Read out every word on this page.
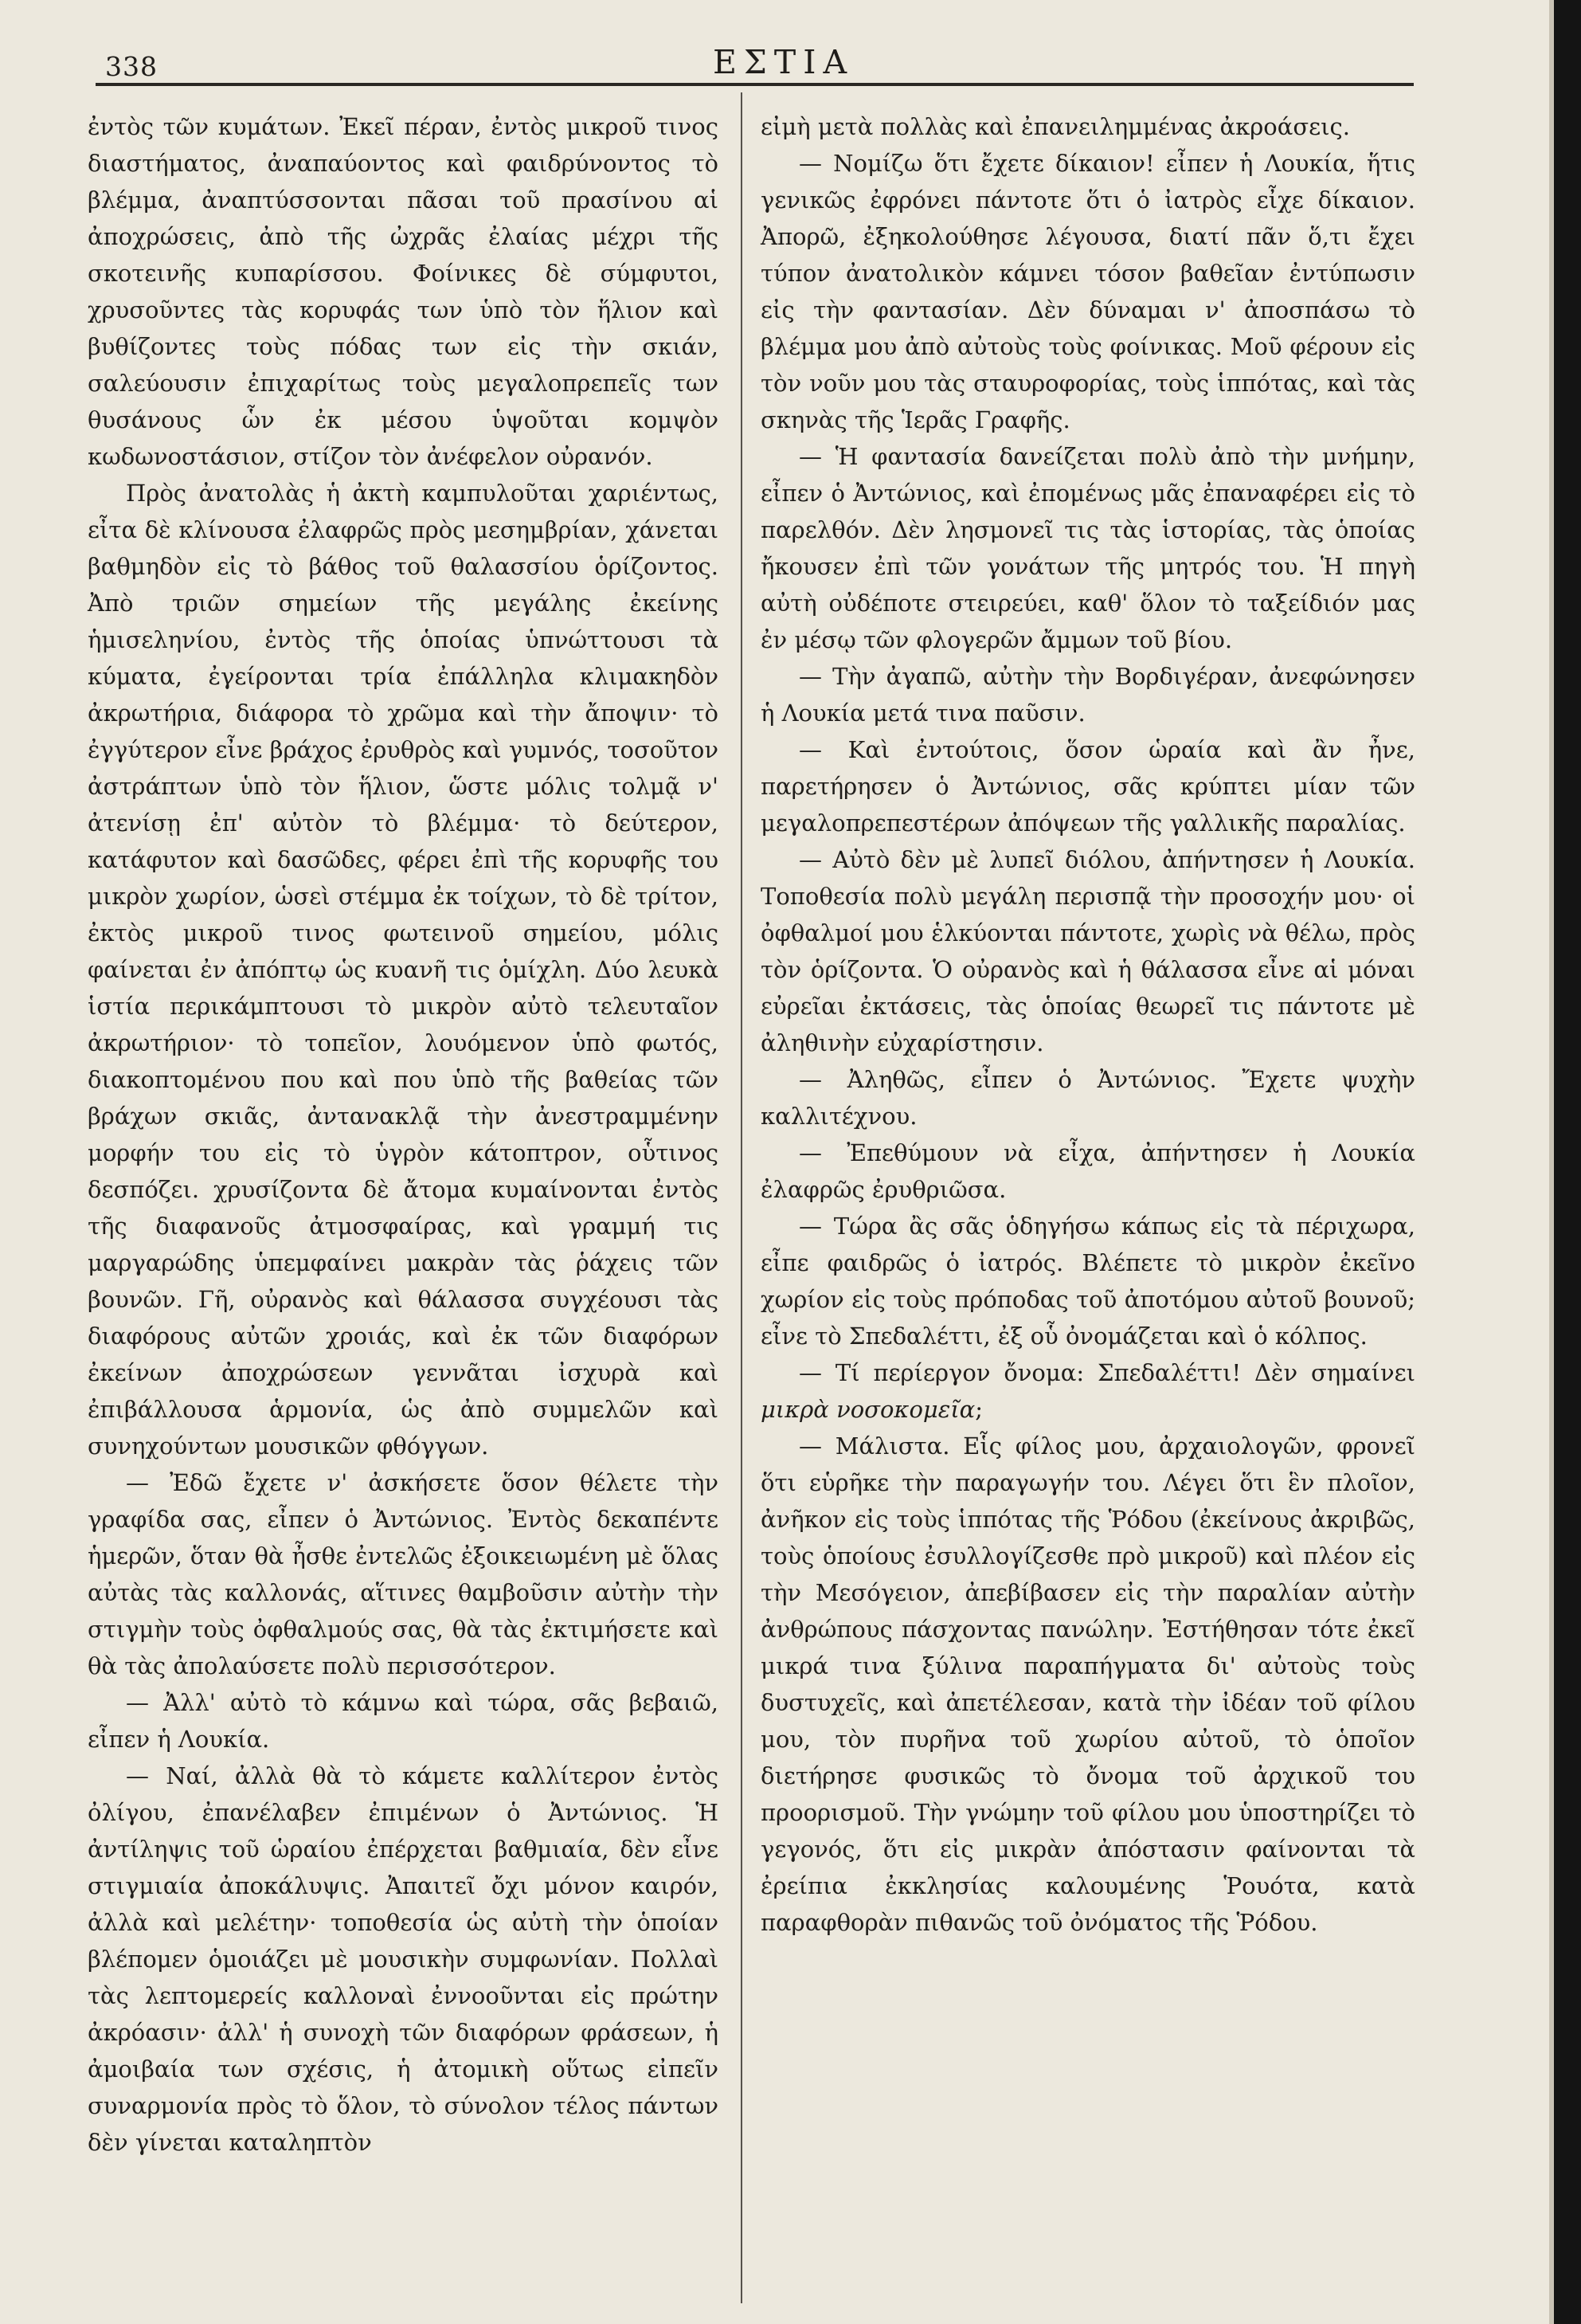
338	ΕΣΤΙΑ

ἐντὸς τῶν κυμάτων. Ἐκεῖ πέραν, ἐντὸς μικροῦ τινος διαστήματος, ἀναπαύοντος καὶ φαιδρύνοντος τὸ βλέμμα, ἀναπτύσσονται πᾶσαι τοῦ πρασίνου αἱ ἀποχρώσεις, ἀπὸ τῆς ὠχρᾶς ἐλαίας μέχρι τῆς σκοτεινῆς κυπαρίσσου. Φοίνικες δὲ σύμφυτοι, χρυσοῦντες τὰς κορυφάς των ὑπὸ τὸν ἥλιον καὶ βυθίζοντες τοὺς πόδας των εἰς τὴν σκιάν, σαλεύουσιν ἐπιχαρίτως τοὺς μεγαλοπρεπεῖς των θυσάνους ὧν ἐκ μέσου ὑψοῦται κομψὸν κωδωνοστάσιον, στίζον τὸν ἀνέφελον οὐρανόν.

Πρὸς ἀνατολὰς ἡ ἀκτὴ καμπυλοῦται χαριέντως, εἶτα δὲ κλίνουσα ἐλαφρῶς πρὸς μεσημβρίαν, χάνεται βαθμηδὸν εἰς τὸ βάθος τοῦ θαλασσίου ὁρίζοντος. Ἀπὸ τριῶν σημείων τῆς μεγάλης ἐκείνης ἡμισεληνίου, ἐντὸς τῆς ὁποίας ὑπνώττουσι τὰ κύματα, ἐγείρονται τρία ἐπάλληλα κλιμακηδὸν ἀκρωτήρια, διάφορα τὸ χρῶμα καὶ τὴν ἄποψιν· τὸ ἐγγύτερον εἶνε βράχος ἐρυθρὸς καὶ γυμνός, τοσοῦτον ἀστράπτων ὑπὸ τὸν ἥλιον, ὥστε μόλις τολμᾷ ν' ἀτενίσῃ ἐπ' αὐτὸν τὸ βλέμμα· τὸ δεύτερον, κατάφυτον καὶ δασῶδες, φέρει ἐπὶ τῆς κορυφῆς του μικρὸν χωρίον, ὡσεὶ στέμμα ἐκ τοίχων, τὸ δὲ τρίτον, ἐκτὸς μικροῦ τινος φωτεινοῦ σημείου, μόλις φαίνεται ἐν ἀπόπτῳ ὡς κυανῆ τις ὁμίχλη. Δύο λευκὰ ἱστία περικάμπτουσι τὸ μικρὸν αὐτὸ τελευταῖον ἀκρωτήριον· τὸ τοπεῖον, λουόμενον ὑπὸ φωτός, διακοπτομένου που καὶ που ὑπὸ τῆς βαθείας τῶν βράχων σκιᾶς, ἀντανακλᾷ τὴν ἀνεστραμμένην μορφήν του εἰς τὸ ὑγρὸν κάτοπτρον, οὗτινος δεσπόζει. χρυσίζοντα δὲ ἄτομα κυμαίνονται ἐντὸς τῆς διαφανοῦς ἀτμοσφαίρας, καὶ γραμμή τις μαργαρώδης ὑπεμφαίνει μακρὰν τὰς ῥάχεις τῶν βουνῶν. Γῆ, οὐρανὸς καὶ θάλασσα συγχέουσι τὰς διαφόρους αὐτῶν χροιάς, καὶ ἐκ τῶν διαφόρων ἐκείνων ἀποχρώσεων γεννᾶται ἰσχυρὰ καὶ ἐπιβάλλουσα ἁρμονία, ὡς ἀπὸ συμμελῶν καὶ συνηχούντων μουσικῶν φθόγγων.

— Ἐδῶ ἔχετε ν' ἀσκήσετε ὅσον θέλετε τὴν γραφίδα σας, εἶπεν ὁ Ἀντώνιος. Ἐντὸς δεκαπέντε ἡμερῶν, ὅταν θὰ ἦσθε ἐντελῶς ἐξοικειωμένη μὲ ὅλας αὐτὰς τὰς καλλονάς, αἵτινες θαμβοῦσιν αὐτὴν τὴν στιγμὴν τοὺς ὀφθαλμούς σας, θὰ τὰς ἐκτιμήσετε καὶ θὰ τὰς ἀπολαύσετε πολὺ περισσότερον.

— Ἀλλ' αὐτὸ τὸ κάμνω καὶ τώρα, σᾶς βεβαιῶ, εἶπεν ἡ Λουκία.

— Ναί, ἀλλὰ θὰ τὸ κάμετε καλλίτερον ἐντὸς ὀλίγου, ἐπανέλαβεν ἐπιμένων ὁ Ἀντώνιος. Ἡ ἀντίληψις τοῦ ὡραίου ἐπέρχεται βαθμιαία, δὲν εἶνε στιγμιαία ἀποκάλυψις. Ἀπαιτεῖ ὄχι μόνον καιρόν, ἀλλὰ καὶ μελέτην· τοποθεσία ὡς αὐτὴ τὴν ὁποίαν βλέπομεν ὁμοιάζει μὲ μουσικὴν συμφωνίαν. Πολλαὶ τὰς λεπτομερείς καλλοναὶ ἐννοοῦνται εἰς πρώτην ἀκρόασιν· ἀλλ' ἡ συνοχὴ τῶν διαφόρων φράσεων, ἡ ἀμοιβαία των σχέσις, ἡ ἀτομικὴ οὕτως εἰπεῖν συναρμονία πρὸς τὸ ὅλον, τὸ σύνολον τέλος πάντων δὲν γίνεται καταληπτὸν

εἰμὴ μετὰ πολλὰς καὶ ἐπανειλημμένας ἀκροάσεις.

— Νομίζω ὅτι ἔχετε δίκαιον! εἶπεν ἡ Λουκία, ἥτις γενικῶς ἐφρόνει πάντοτε ὅτι ὁ ἰατρὸς εἶχε δίκαιον. Ἀπορῶ, ἐξηκολούθησε λέγουσα, διατί πᾶν ὅ,τι ἔχει τύπον ἀνατολικὸν κάμνει τόσον βαθεῖαν ἐντύπωσιν εἰς τὴν φαντασίαν. Δὲν δύναμαι ν' ἀποσπάσω τὸ βλέμμα μου ἀπὸ αὐτοὺς τοὺς φοίνικας. Μοῦ φέρουν εἰς τὸν νοῦν μου τὰς σταυροφορίας, τοὺς ἱππότας, καὶ τὰς σκηνὰς τῆς Ἱερᾶς Γραφῆς.

— Ἡ φαντασία δανείζεται πολὺ ἀπὸ τὴν μνήμην, εἶπεν ὁ Ἀντώνιος, καὶ ἐπομένως μᾶς ἐπαναφέρει εἰς τὸ παρελθόν. Δὲν λησμονεῖ τις τὰς ἱστορίας, τὰς ὁποίας ἤκουσεν ἐπὶ τῶν γονάτων τῆς μητρός του. Ἡ πηγὴ αὐτὴ οὐδέποτε στειρεύει, καθ' ὅλον τὸ ταξείδιόν μας ἐν μέσῳ τῶν φλογερῶν ἄμμων τοῦ βίου.

— Τὴν ἀγαπῶ, αὐτὴν τὴν Βορδιγέραν, ἀνεφώνησεν ἡ Λουκία μετά τινα παῦσιν.

— Καὶ ἐντούτοις, ὅσον ὡραία καὶ ἂν ἦνε, παρετήρησεν ὁ Ἀντώνιος, σᾶς κρύπτει μίαν τῶν μεγαλοπρεπεστέρων ἀπόψεων τῆς γαλλικῆς παραλίας.

— Αὐτὸ δὲν μὲ λυπεῖ διόλου, ἀπήντησεν ἡ Λουκία. Τοποθεσία πολὺ μεγάλη περισπᾷ τὴν προσοχήν μου· οἱ ὀφθαλμοί μου ἑλκύονται πάντοτε, χωρὶς νὰ θέλω, πρὸς τὸν ὁρίζοντα. Ὁ οὐρανὸς καὶ ἡ θάλασσα εἶνε αἱ μόναι εὐρεῖαι ἐκτάσεις, τὰς ὁποίας θεωρεῖ τις πάντοτε μὲ ἀληθινὴν εὐχαρίστησιν.

— Ἀληθῶς, εἶπεν ὁ Ἀντώνιος. Ἔχετε ψυχὴν καλλιτέχνου.

— Ἐπεθύμουν νὰ εἶχα, ἀπήντησεν ἡ Λουκία ἐλαφρῶς ἐρυθριῶσα.

— Τώρα ἂς σᾶς ὁδηγήσω κάπως εἰς τὰ πέριχωρα, εἶπε φαιδρῶς ὁ ἰατρός. Βλέπετε τὸ μικρὸν ἐκεῖνο χωρίον εἰς τοὺς πρόποδας τοῦ ἀποτόμου αὐτοῦ βουνοῦ; εἶνε τὸ Σπεδαλέττι, ἐξ οὗ ὀνομάζεται καὶ ὁ κόλπος.

— Τί περίεργον ὄνομα: Σπεδαλέττι! Δὲν σημαίνει μικρὰ νοσοκομεῖα;

— Μάλιστα. Εἷς φίλος μου, ἀρχαιολογῶν, φρονεῖ ὅτι εὑρῆκε τὴν παραγωγήν του. Λέγει ὅτι ἓν πλοῖον, ἀνῆκον εἰς τοὺς ἱππότας τῆς Ῥόδου (ἐκείνους ἀκριβῶς, τοὺς ὁποίους ἐσυλλογίζεσθε πρὸ μικροῦ) καὶ πλέον εἰς τὴν Μεσόγειον, ἀπεβίβασεν εἰς τὴν παραλίαν αὐτὴν ἀνθρώπους πάσχοντας πανώλην. Ἐστήθησαν τότε ἐκεῖ μικρά τινα ξύλινα παραπήγματα δι' αὐτοὺς τοὺς δυστυχεῖς, καὶ ἀπετέλεσαν, κατὰ τὴν ἰδέαν τοῦ φίλου μου, τὸν πυρῆνα τοῦ χωρίου αὐτοῦ, τὸ ὁποῖον διετήρησε φυσικῶς τὸ ὄνομα τοῦ ἀρχικοῦ του προορισμοῦ. Τὴν γνώμην τοῦ φίλου μου ὑποστηρίζει τὸ γεγονός, ὅτι εἰς μικρὰν ἀπόστασιν φαίνονται τὰ ἐρείπια ἐκκλησίας καλουμένης Ῥουότα, κατὰ παραφθορὰν πιθανῶς τοῦ ὀνόματος τῆς Ῥόδου.
